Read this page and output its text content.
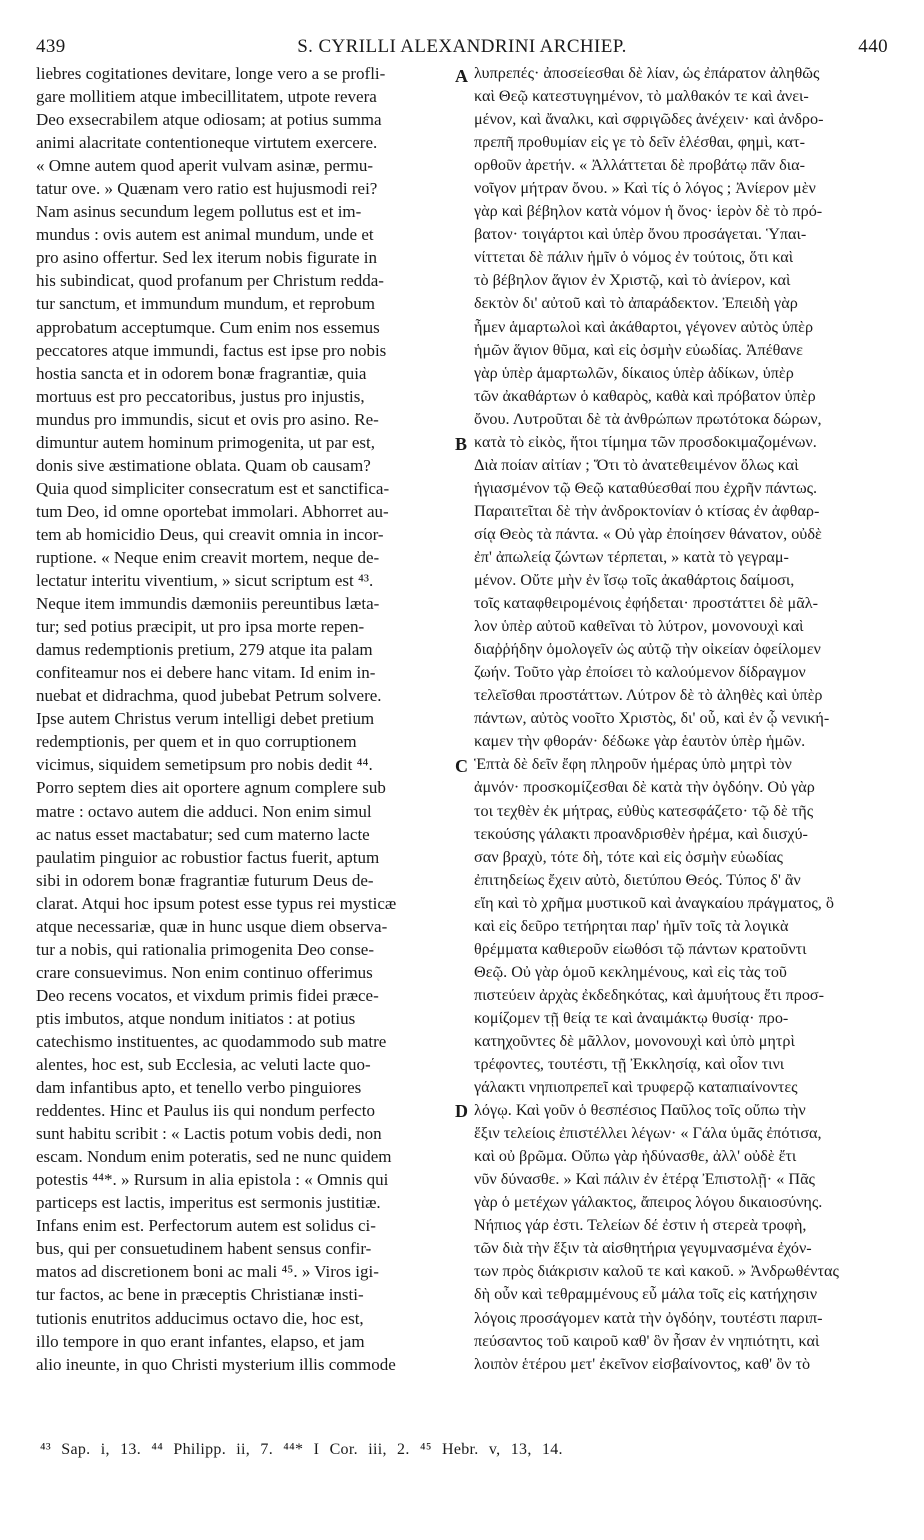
439	S. CYRILLI ALEXANDRINI ARCHIEP.	440
liebres cogitationes devitare, longe vero a se profli-
gare mollitiem atque imbecillitatem, utpote revera
Deo exsecrabilem atque odiosam; at potius summa
animi alacritate contentioneque virtutem exercere.
« Omne autem quod aperit vulvam asinæ, permu-
tatur ove. » Quænam vero ratio est hujusmodi rei?
Nam asinus secundum legem pollutus est et im-
mundus : ovis autem est animal mundum, unde et
pro asino offertur. Sed lex iterum nobis figurate in
his subindicat, quod profanum per Christum redda-
tur sanctum, et immundum mundum, et reprobum
approbatum acceptumque. Cum enim nos essemus
peccatores atque immundi, factus est ipse pro nobis
hostia sancta et in odorem bonæ fragrantiæ, quia
mortuus est pro peccatoribus, justus pro injustis,
mundus pro immundis, sicut et ovis pro asino. Re-
dimuntur autem hominum primogenita, ut par est,
donis sive æstimatione oblata. Quam ob causam?
Quia quod simpliciter consecratum est et sanctifica-
tum Deo, id omne oportebat immolari. Abhorret au-
tem ab homicidio Deus, qui creavit omnia in incor-
ruptione. « Neque enim creavit mortem, neque de-
lectatur interitu viventium, » sicut scriptum est ⁴³.
Neque item immundis dæmoniis pereuntibus læta-
tur; sed potius præcipit, ut pro ipsa morte repen-
damus redemptionis pretium, 279 atque ita palam
confiteamur nos ei debere hanc vitam. Id enim in-
nuebat et didrachma, quod jubebat Petrum solvere.
Ipse autem Christus verum intelligi debet pretium
redemptionis, per quem et in quo corruptionem
vicimus, siquidem semetipsum pro nobis dedit ⁴⁴.
Porro septem dies ait oportere agnum complere sub
matre : octavo autem die adduci. Non enim simul
ac natus esset mactabatur; sed cum materno lacte
paulatim pinguior ac robustior factus fuerit, aptum
sibi in odorem bonæ fragrantiæ futurum Deus de-
clarat. Atqui hoc ipsum potest esse typus rei mysticæ
atque necessariæ, quæ in hunc usque diem observa-
tur a nobis, qui rationalia primogenita Deo conse-
crare consuevimus. Non enim continuo offerimus
Deo recens vocatos, et vixdum primis fidei præce-
ptis imbutos, atque nondum initiatos : at potius
catechismo instituentes, ac quodammodo sub matre
alentes, hoc est, sub Ecclesia, ac veluti lacte quo-
dam infantibus apto, et tenello verbo pinguiores
reddentes. Hinc et Paulus iis qui nondum perfecto
sunt habitu scribit : « Lactis potum vobis dedi, non
escam. Nondum enim poteratis, sed ne nunc quidem
potestis ⁴⁴*. » Rursum in alia epistola : « Omnis qui
particeps est lactis, imperitus est sermonis justitiæ.
Infans enim est. Perfectorum autem est solidus ci-
bus, qui per consuetudinem habent sensus confir-
matos ad discretionem boni ac mali ⁴⁵. » Viros igi-
tur factos, ac bene in præceptis Christianæ insti-
tutionis enutritos adducimus octavo die, hoc est,
illo tempore in quo erant infantes, elapso, et jam
alio ineunte, in quo Christi mysterium illis commode
A
B
C
D
λυπρεπές· ἀποσείεσθαι δὲ λίαν, ὡς ἐπάρατον ἀληθῶς
καὶ Θεῷ κατεστυγημένον, τὸ μαλθακόν τε καὶ ἀνει-
μένον, καὶ ἄναλκι, καὶ σφριγῶδες ἀνέχειν· καὶ ἀνδρο-
πρεπῆ προθυμίαν εἰς γε τὸ δεῖν ἑλέσθαι, φημὶ, κατ-
ορθοῦν ἀρετήν. « Ἀλλάττεται δὲ προβάτῳ πᾶν δια-
νοῖγον μήτραν ὄνου. » Καὶ τίς ὁ λόγος ; Ἀνίερον μὲν
γὰρ καὶ βέβηλον κατὰ νόμον ἡ ὄνος· ἱερὸν δὲ τὸ πρό-
βατον· τοιγάρτοι καὶ ὑπὲρ ὄνου προσάγεται. Ὑπαι-
νίττεται δὲ πάλιν ἡμῖν ὁ νόμος ἐν τούτοις, ὅτι καὶ
τὸ βέβηλον ἅγιον ἐν Χριστῷ, καὶ τὸ ἀνίερον, καὶ
δεκτὸν δι' αὐτοῦ καὶ τὸ ἀπαράδεκτον. Ἐπειδὴ γὰρ
ἦμεν ἁμαρτωλοὶ καὶ ἀκάθαρτοι, γέγονεν αὐτὸς ὑπὲρ
ἡμῶν ἅγιον θῦμα, καὶ εἰς ὀσμὴν εὐωδίας. Ἀπέθανε
γὰρ ὑπὲρ ἁμαρτωλῶν, δίκαιος ὑπὲρ ἀδίκων, ὑπὲρ
τῶν ἀκαθάρτων ὁ καθαρὸς, καθὰ καὶ πρόβατον ὑπὲρ
ὄνου. Λυτροῦται δὲ τὰ ἀνθρώπων πρωτότοκα δώρων,
κατὰ τὸ εἰκὸς, ἤτοι τίμημα τῶν προσδοκιμαζομένων.
Διὰ ποίαν αἰτίαν ; Ὅτι τὸ ἀνατεθειμένον ὅλως καὶ
ἡγιασμένον τῷ Θεῷ καταθύεσθαί που ἐχρῆν πάντως.
Παραιτεῖται δὲ τὴν ἀνδροκτονίαν ὁ κτίσας ἐν ἀφθαρ-
σίᾳ Θεὸς τὰ πάντα. « Οὐ γὰρ ἐποίησεν θάνατον, οὐδὲ
ἐπ' ἀπωλείᾳ ζώντων τέρπεται, » κατὰ τὸ γεγραμ-
μένον. Οὔτε μὴν ἐν ἴσῳ τοῖς ἀκαθάρτοις δαίμοσι,
τοῖς καταφθειρομένοις ἐφήδεται· προστάττει δὲ μᾶλ-
λον ὑπὲρ αὐτοῦ καθεῖναι τὸ λύτρον, μονονουχὶ καὶ
διαῤῥήδην ὁμολογεῖν ὡς αὐτῷ τὴν οἰκείαν ὀφείλομεν
ζωήν. Τοῦτο γὰρ ἐποίσει τὸ καλούμενον δίδραγμον
τελεῖσθαι προστάττων. Λύτρον δὲ τὸ ἀληθὲς καὶ ὑπὲρ
πάντων, αὐτὸς νοοῖτο Χριστὸς, δι' οὗ, καὶ ἐν ᾧ νενική-
καμεν τὴν φθοράν· δέδωκε γὰρ ἑαυτὸν ὑπὲρ ἡμῶν.
Ἑπτὰ δὲ δεῖν ἔφη πληροῦν ἡμέρας ὑπὸ μητρὶ τὸν
ἀμνόν· προσκομίζεσθαι δὲ κατὰ τὴν ὀγδόην. Οὐ γὰρ
τοι τεχθὲν ἐκ μήτρας, εὐθὺς κατεσφάζετο· τῷ δὲ τῆς
τεκούσης γάλακτι προανδρισθὲν ἠρέμα, καὶ διισχύ-
σαν βραχὺ, τότε δὴ, τότε καὶ εἰς ὀσμὴν εὐωδίας
ἐπιτηδείως ἔχειν αὐτὸ, διετύπου Θεός. Τύπος δ' ἂν
εἴη καὶ τὸ χρῆμα μυστικοῦ καὶ ἀναγκαίου πράγματος, ὃ
καὶ εἰς δεῦρο τετήρηται παρ' ἡμῖν τοῖς τὰ λογικὰ
θρέμματα καθιεροῦν εἰωθόσι τῷ πάντων κρατοῦντι
Θεῷ. Οὐ γὰρ ὁμοῦ κεκλημένους, καὶ εἰς τὰς τοῦ
πιστεύειν ἀρχὰς ἐκδεδηκότας, καὶ ἀμυήτους ἔτι προσ-
κομίζομεν τῇ θείᾳ τε καὶ ἀναιμάκτῳ θυσίᾳ· προ-
κατηχοῦντες δὲ μᾶλλον, μονονουχὶ καὶ ὑπὸ μητρὶ
τρέφοντες, τουτέστι, τῇ Ἐκκλησίᾳ, καὶ οἷον τινι
γάλακτι νηπιοπρεπεῖ καὶ τρυφερῷ καταπιαίνοντες
λόγῳ. Καὶ γοῦν ὁ θεσπέσιος Παῦλος τοῖς οὔπω τὴν
ἕξιν τελείοις ἐπιστέλλει λέγων· « Γάλα ὑμᾶς ἐπότισα,
καὶ οὐ βρῶμα. Οὔπω γὰρ ἠδύνασθε, ἀλλ' οὐδὲ ἔτι
νῦν δύνασθε. » Καὶ πάλιν ἐν ἑτέρᾳ Ἐπιστολῇ· « Πᾶς
γὰρ ὁ μετέχων γάλακτος, ἄπειρος λόγου δικαιοσύνης.
Νήπιος γάρ ἐστι. Τελείων δέ ἐστιν ἡ στερεὰ τροφὴ,
τῶν διὰ τὴν ἕξιν τὰ αἰσθητήρια γεγυμνασμένα ἐχόν-
των πρὸς διάκρισιν καλοῦ τε καὶ κακοῦ. » Ἀνδρωθέντας
δὴ οὖν καὶ τεθραμμένους εὖ μάλα τοῖς εἰς κατήχησιν
λόγοις προσάγομεν κατὰ τὴν ὀγδόην, τουτέστι παριπ-
πεύσαντος τοῦ καιροῦ καθ' ὃν ἦσαν ἐν νηπιότητι, καὶ
λοιπὸν ἑτέρου μετ' ἐκεῖνον εἰσβαίνοντος, καθ' ὃν τὸ
⁴³ Sap. i, 13. ⁴⁴ Philipp. ii, 7. ⁴⁴* I Cor. iii, 2. ⁴⁵ Hebr. v, 13, 14.
